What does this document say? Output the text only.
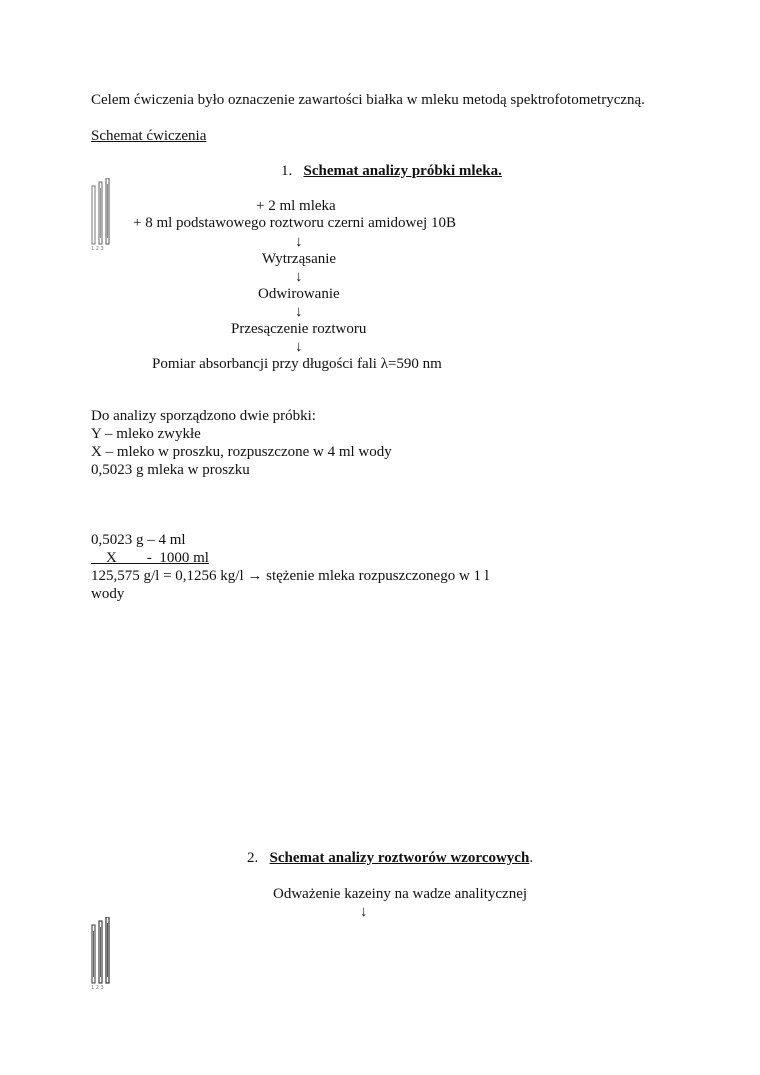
Celem ćwiczenia było oznaczenie zawartości białka w mleku metodą spektrofotometryczną.
Schemat ćwiczenia
1. Schemat analizy próbki mleka.
1 2 3
+ 2 ml mleka
+ 8 ml podstawowego roztworu czerni amidowej 10B
↓
Wytrząsanie
↓
Odwirowanie
↓
Przesączenie roztworu
↓
Pomiar absorbancji przy długości fali λ=590 nm
Do analizy sporządzono dwie próbki:
Y – mleko zwykłe
X – mleko w proszku, rozpuszczone w 4 ml wody
0,5023 g mleka w proszku
0,5023 g – 4 ml
X        -  1000 ml
125,575 g/l = 0,1256 kg/l → stężenie mleka rozpuszczonego w 1 l
wody
2. Schemat analizy roztworów wzorcowych.
Odważenie kazeiny na wadze analitycznej
↓
1 2 3
